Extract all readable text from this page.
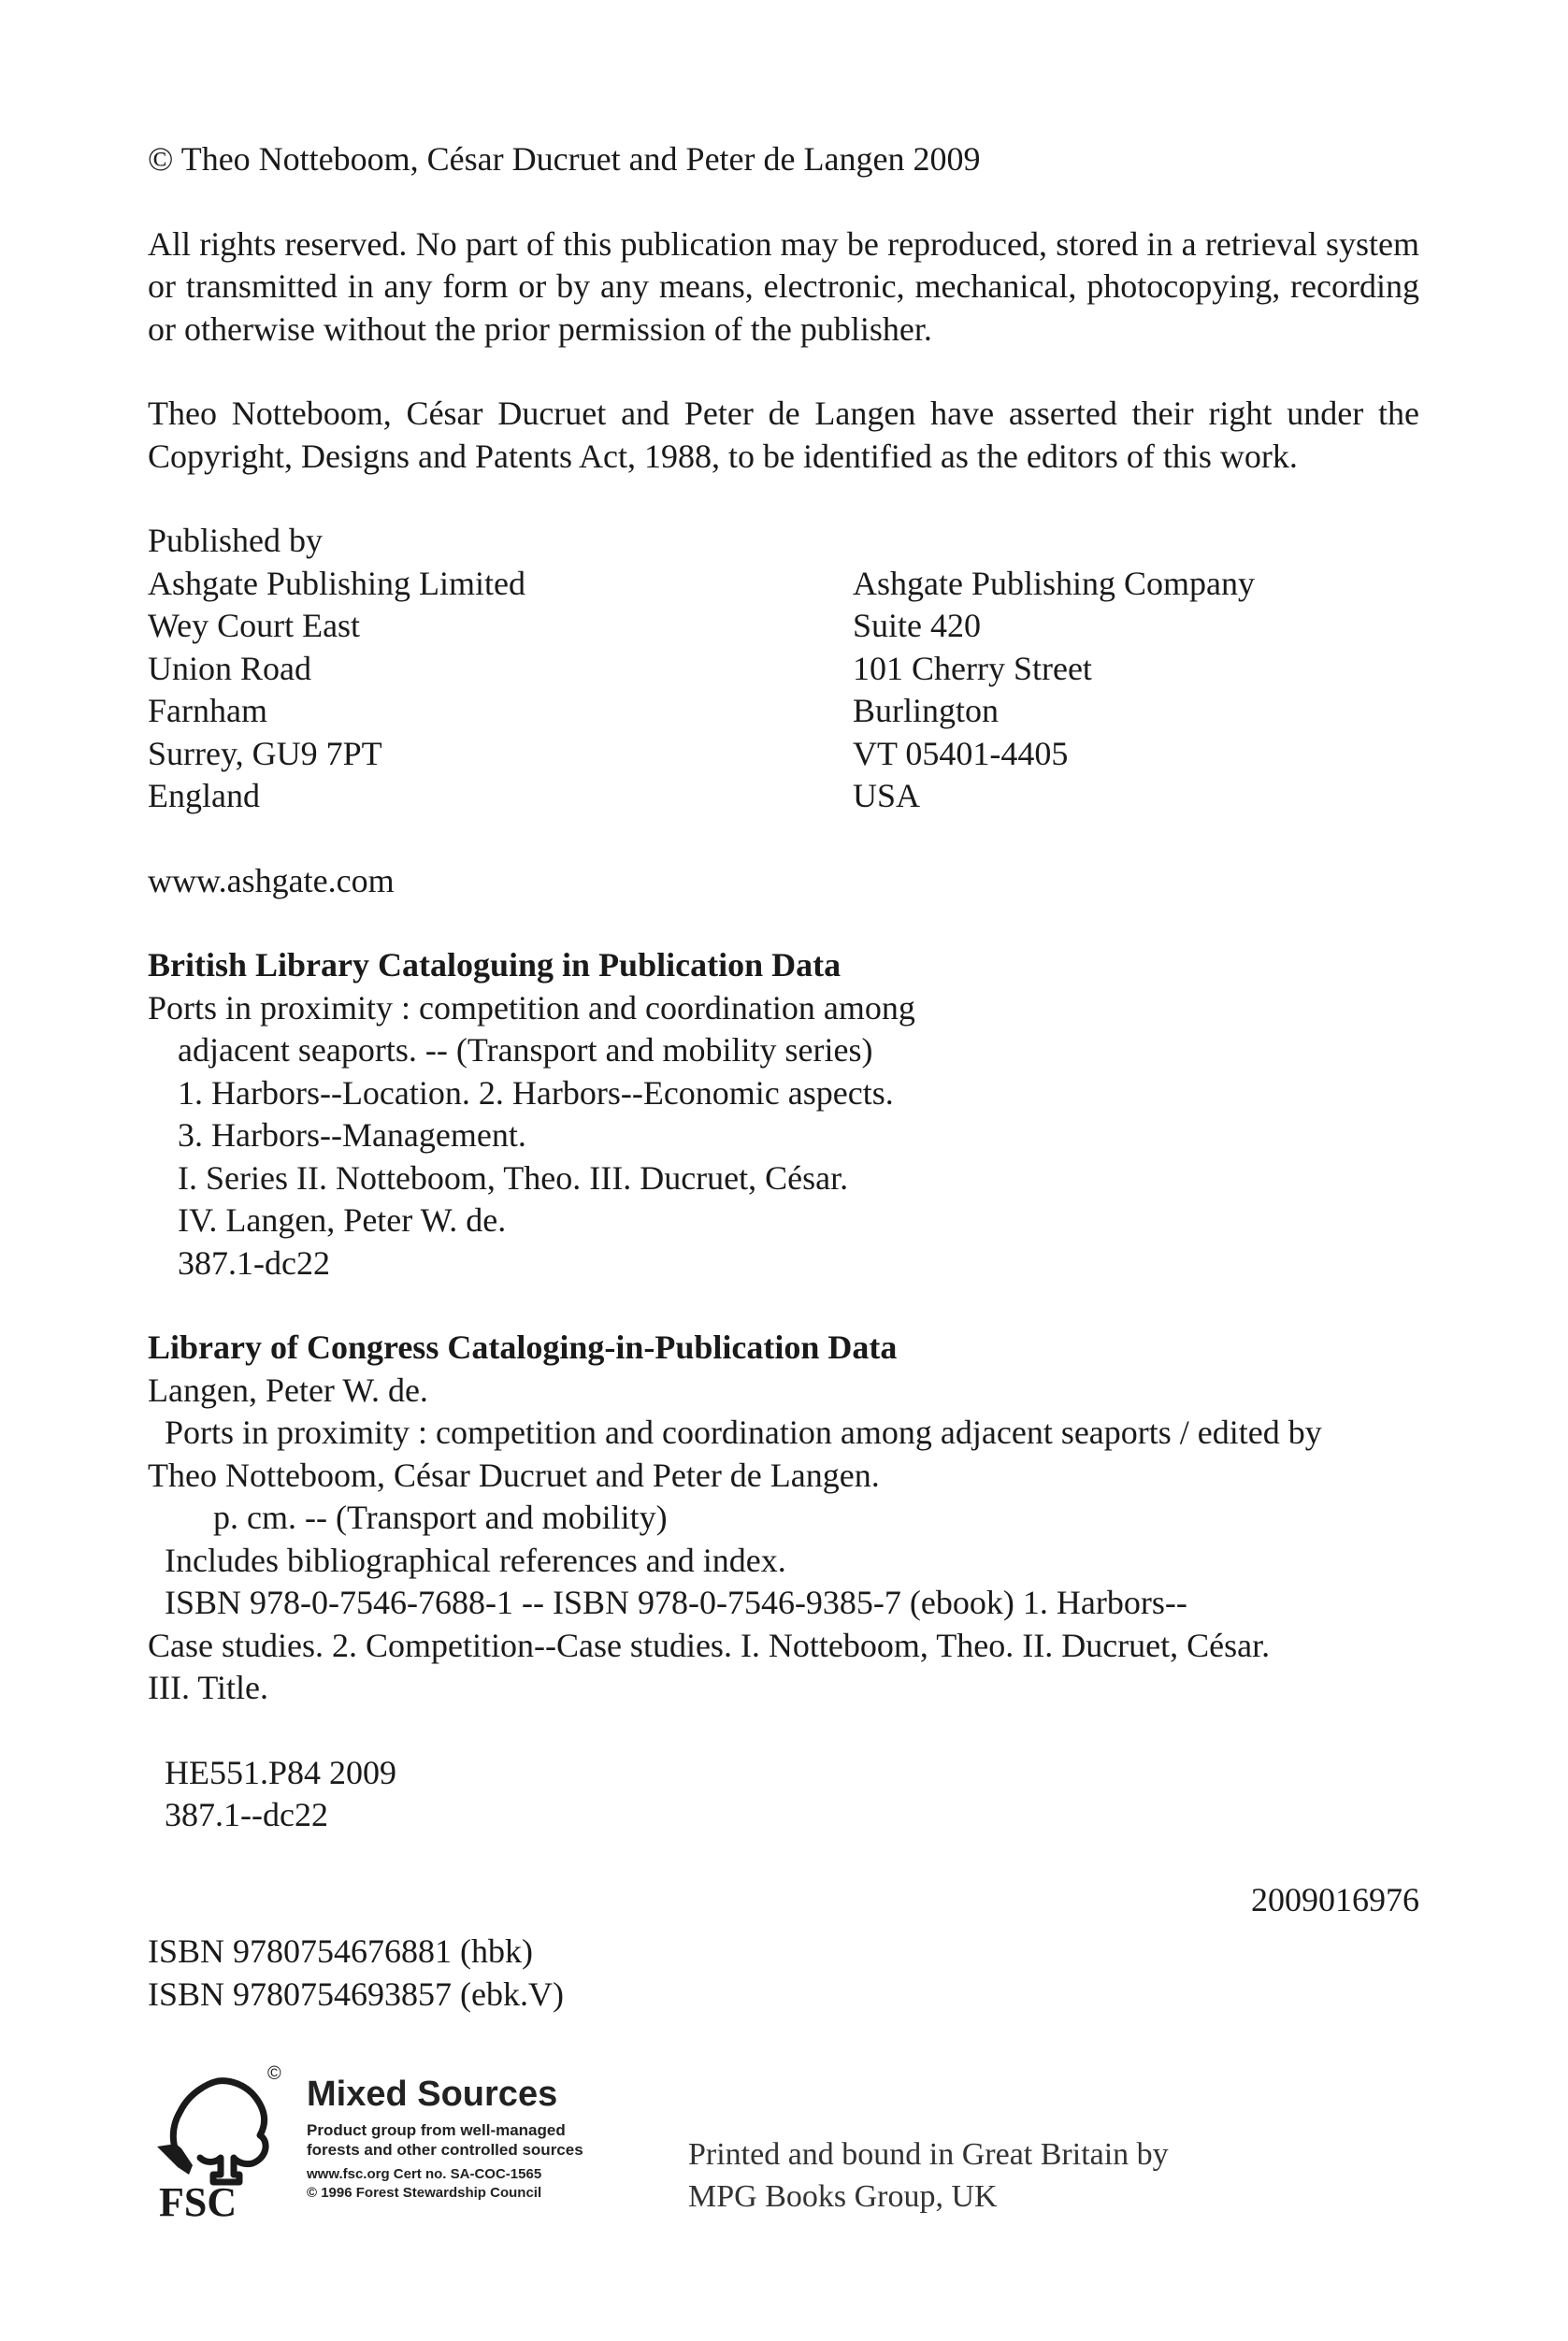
© Theo Notteboom, César Ducruet and Peter de Langen 2009

All rights reserved. No part of this publication may be reproduced, stored in a retrieval system or transmitted in any form or by any means, electronic, mechanical, photocopying, recording or otherwise without the prior permission of the publisher.

Theo Notteboom, César Ducruet and Peter de Langen have asserted their right under the Copyright, Designs and Patents Act, 1988, to be identified as the editors of this work.

Published by

Ashgate Publishing Limited

Wey Court East

Union Road

Farnham

Surrey, GU9 7PT

England

Ashgate Publishing Company

Suite 420

101 Cherry Street

Burlington

VT 05401-4405

USA

www.ashgate.com

British Library Cataloguing in Publication Data

Ports in proximity : competition and coordination among

adjacent seaports. -- (Transport and mobility series)

1. Harbors--Location. 2. Harbors--Economic aspects.

3. Harbors--Management.

I. Series II. Notteboom, Theo. III. Ducruet, César.

IV. Langen, Peter W. de.

387.1-dc22

Library of Congress Cataloging-in-Publication Data

Langen, Peter W. de.

Ports in proximity : competition and coordination among adjacent seaports / edited by

Theo Notteboom, César Ducruet and Peter de Langen.

p. cm. -- (Transport and mobility)

Includes bibliographical references and index.

ISBN 978-0-7546-7688-1 -- ISBN 978-0-7546-9385-7 (ebook) 1. Harbors--

Case studies. 2. Competition--Case studies. I. Notteboom, Theo. II. Ducruet, César.

III. Title.

HE551.P84 2009

387.1--dc22

2009016976

ISBN 9780754676881 (hbk)

ISBN 9780754693857 (ebk.V)

FSC
©
Mixed Sources
Product group from well-managed
forests and other controlled sources
www.fsc.org Cert no. SA-COC-1565
© 1996 Forest Stewardship Council

Printed and bound in Great Britain by

MPG Books Group, UK
